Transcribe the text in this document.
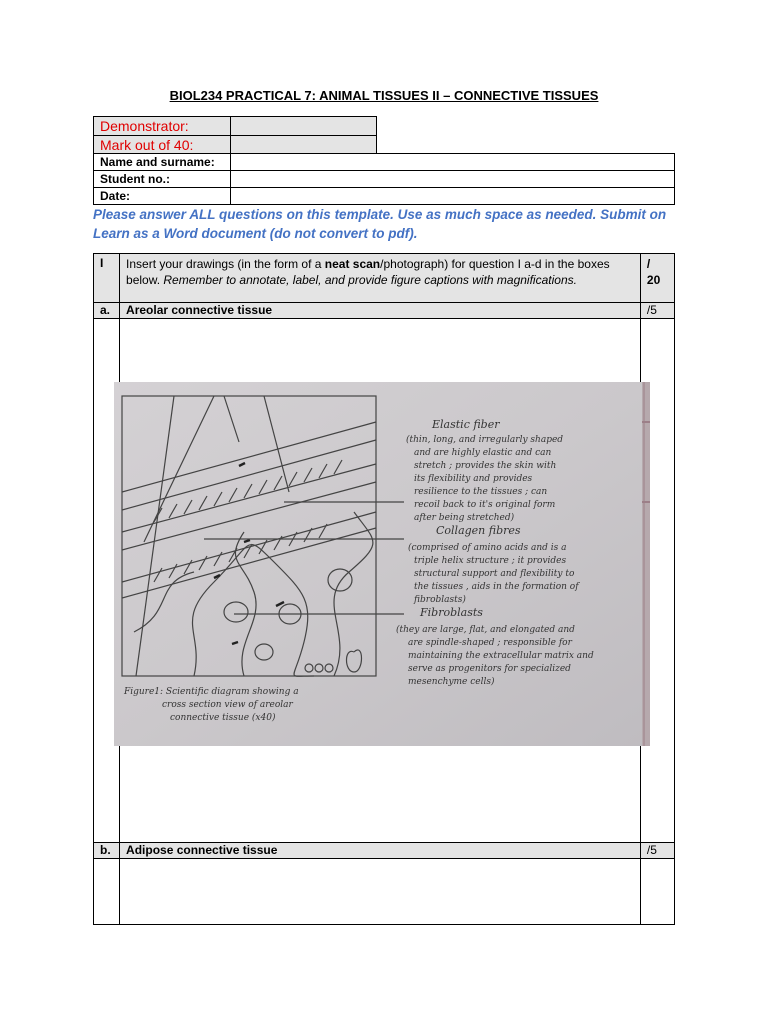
BIOL234 PRACTICAL 7: ANIMAL TISSUES II – CONNECTIVE TISSUES
Demonstrator:	
Mark out of 40:	
Name and surname:	
Student no.:	
Date:	
Please answer ALL questions on this template. Use as much space as needed. Submit on Learn as a Word document (do not convert to pdf).
I	Insert your drawings (in the form of a neat scan/photograph) for question I a-d in the boxes below. Remember to annotate, label, and provide figure captions with magnifications.	/
20
a.	Areolar connective tissue	/5

b.	Adipose connective tissue	/5

Elastic fiber
(thin, long, and irregularly shaped
and are highly elastic and can
stretch ; provides the skin with
its flexibility and provides
resilience to the tissues ; can
recoil back to it's original form
after being stretched)
Collagen fibres
(comprised of amino acids and is a
triple helix structure ; it provides
structural support and flexibility to
the tissues , aids in the formation of
fibroblasts)
Fibroblasts
(they are large, flat, and elongated and
are spindle-shaped ; responsible for
maintaining the extracellular matrix and
serve as progenitors for specialized
mesenchyme cells)
Figure1: Scientific diagram showing a
cross section view of areolar
connective tissue (x40)
